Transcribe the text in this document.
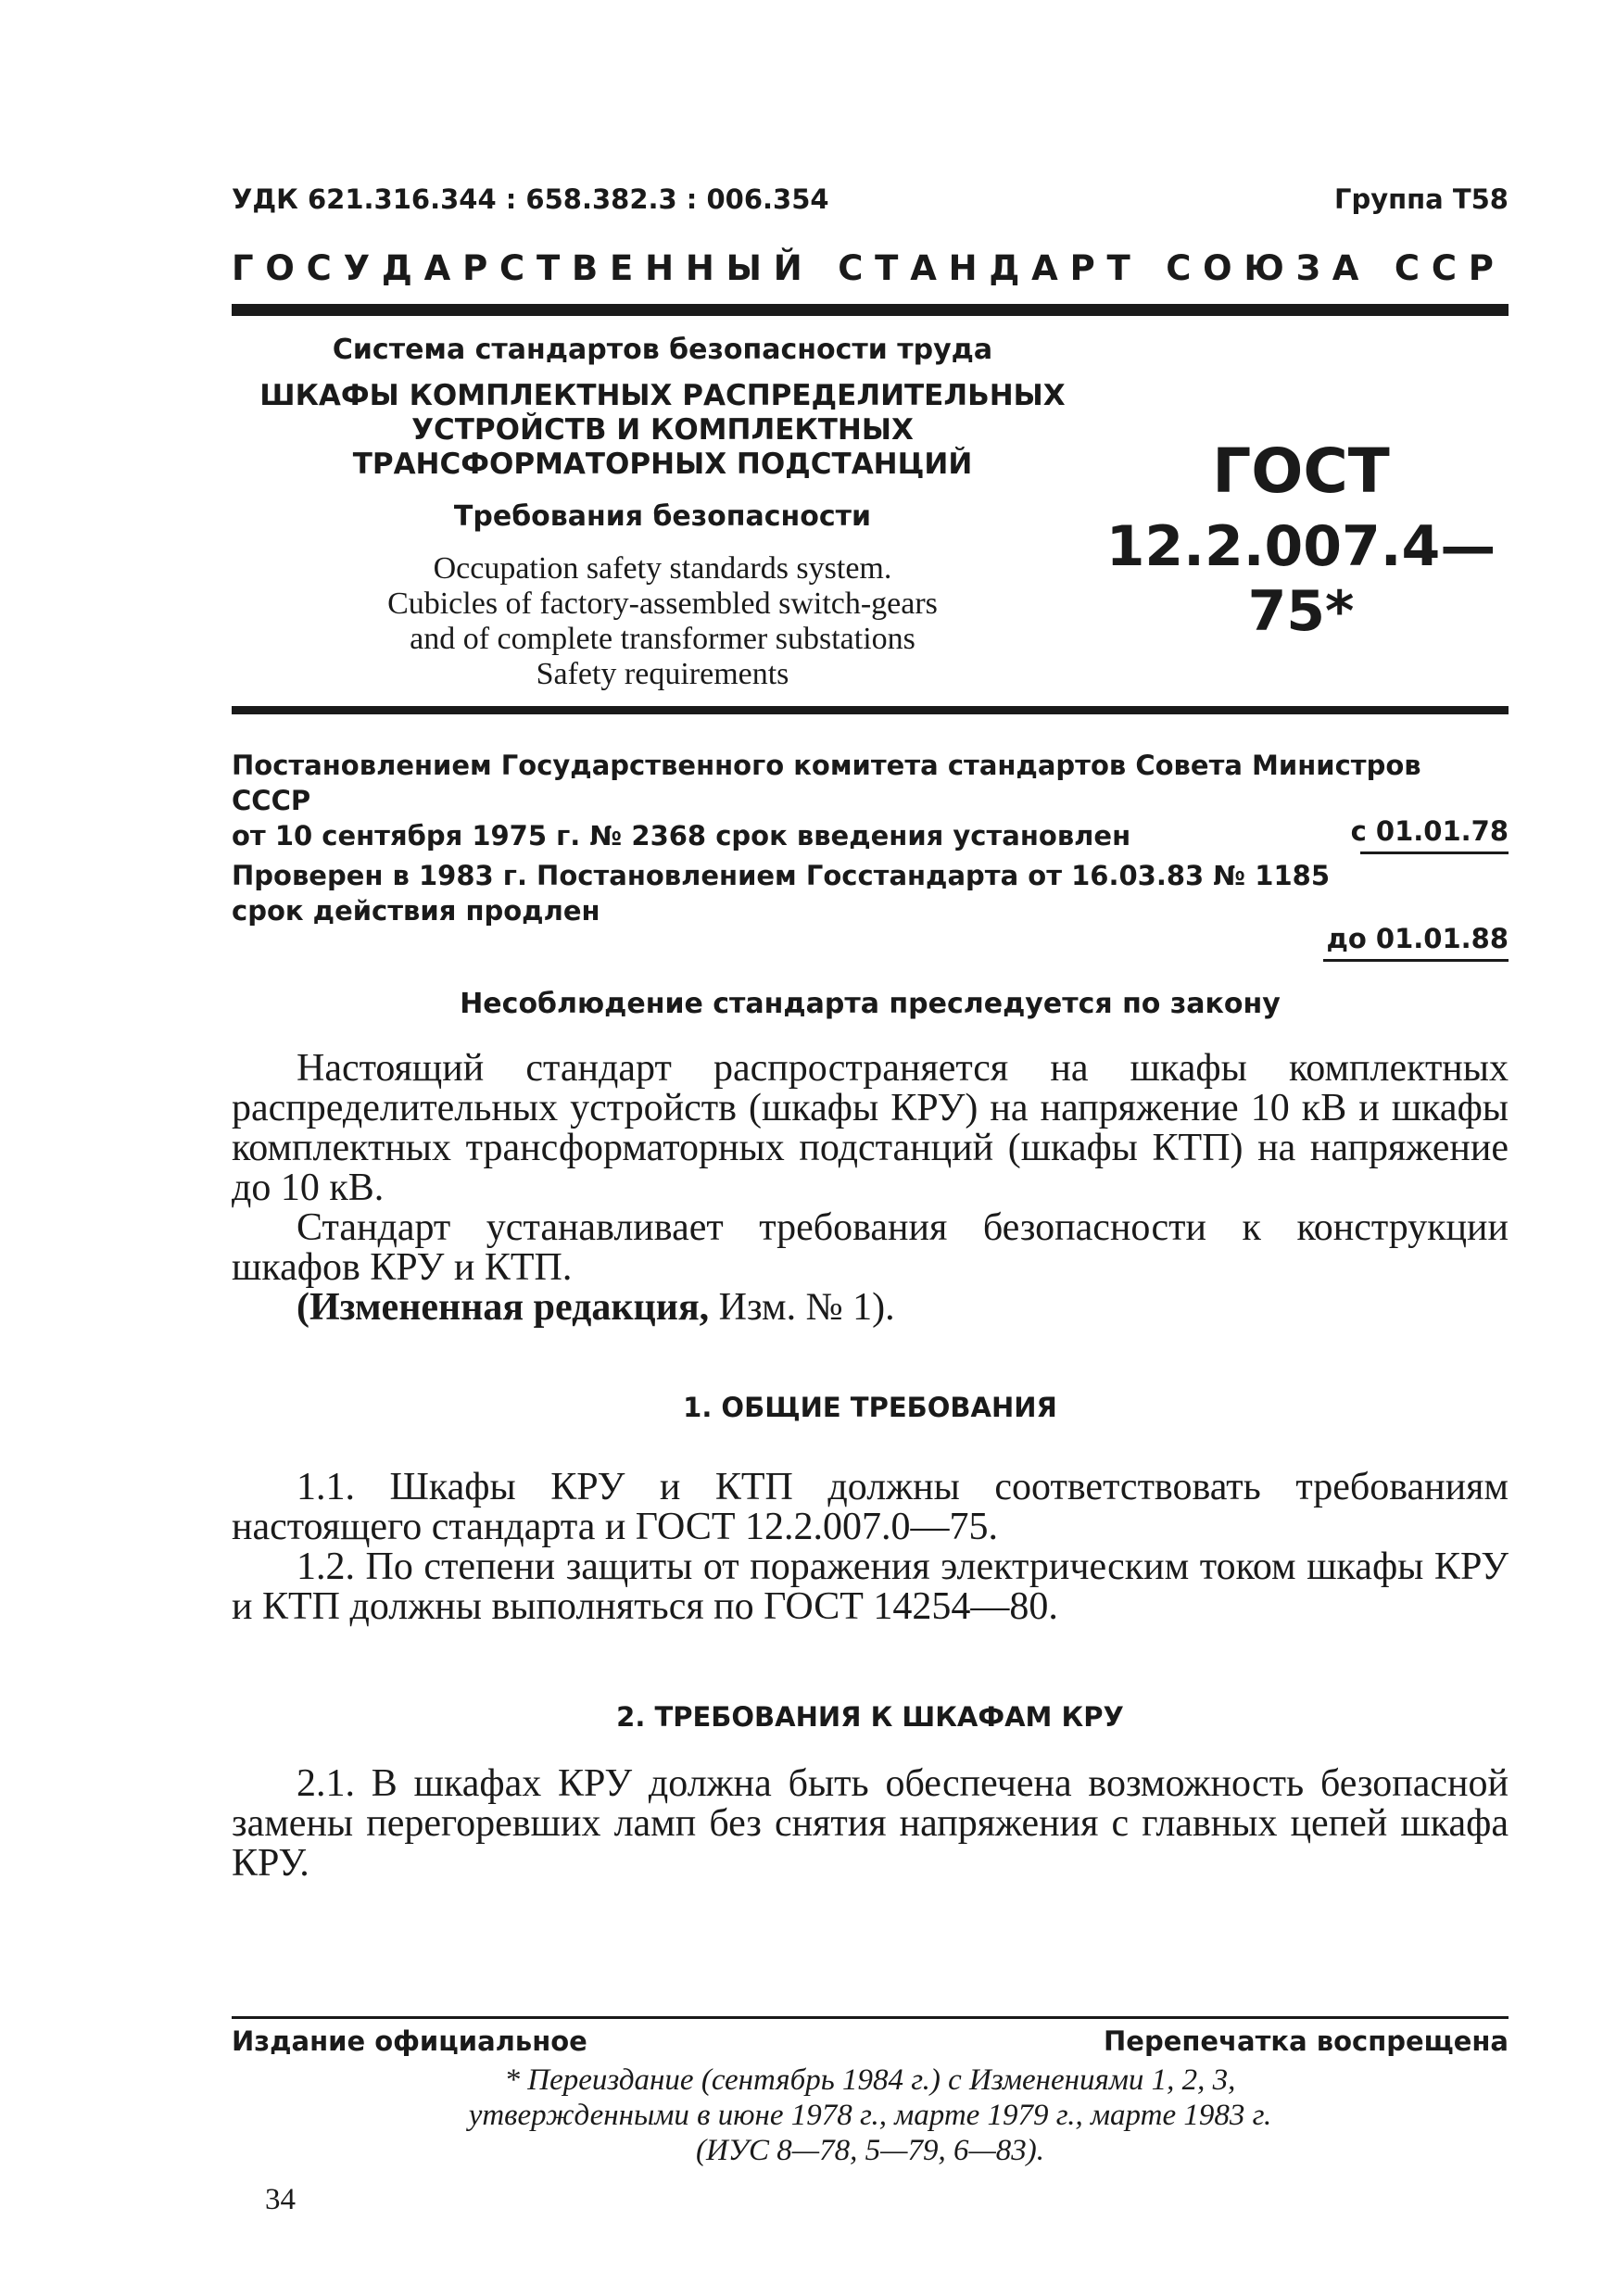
УДК 621.316.344 : 658.382.3 : 006.354	Группа Т58
ГОСУДАРСТВЕННЫЙ СТАНДАРТ СОЮЗА ССР
Система стандартов безопасности труда
ШКАФЫ КОМПЛЕКТНЫХ РАСПРЕДЕЛИТЕЛЬНЫХ
УСТРОЙСТВ И КОМПЛЕКТНЫХ
ТРАНСФОРМАТОРНЫХ ПОДСТАНЦИЙ
Требования безопасности
Occupation safety standards system.
Cubicles of factory-assembled switch-gears
and of complete transformer substations
Safety requirements
ГОСТ
12.2.007.4—75*
Постановлением Государственного комитета стандартов Совета Министров СССР
от 10 сентября 1975 г. № 2368 срок введения установлен	с 01.01.78
Проверен в 1983 г. Постановлением Госстандарта от 16.03.83 № 1185
срок действия продлен
до 01.01.88
Несоблюдение стандарта преследуется по закону

Настоящий стандарт распространяется на шкафы комплектных распределительных устройств (шкафы КРУ) на напряжение 10 кВ и шкафы комплектных трансформаторных подстанций (шкафы КТП) на напряжение до 10 кВ.

Стандарт устанавливает требования безопасности к конструкции шкафов КРУ и КТП.

(Измененная редакция, Изм. № 1).

1. ОБЩИЕ ТРЕБОВАНИЯ

1.1. Шкафы КРУ и КТП должны соответствовать требованиям настоящего стандарта и ГОСТ 12.2.007.0—75.

1.2. По степени защиты от поражения электрическим током шкафы КРУ и КТП должны выполняться по ГОСТ 14254—80.

2. ТРЕБОВАНИЯ К ШКАФАМ КРУ

2.1. В шкафах КРУ должна быть обеспечена возможность безопасной замены перегоревших ламп без снятия напряжения с главных цепей шкафа КРУ.

Издание официальное	Перепечатка воспрещена
* Переиздание (сентябрь 1984 г.) с Изменениями 1, 2, 3,
утвержденными в июне 1978 г., марте 1979 г., марте 1983 г.
(ИУС 8—78, 5—79, 6—83).
34
